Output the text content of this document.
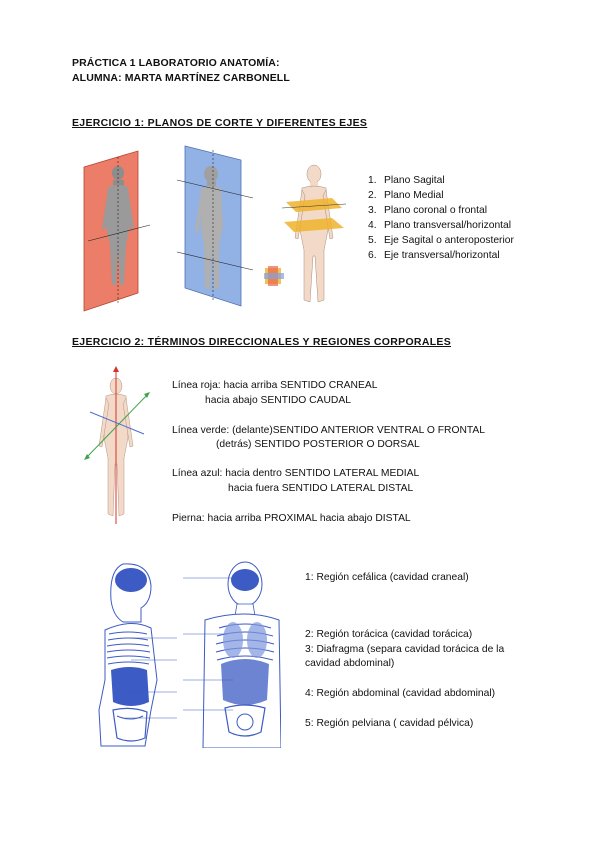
PRÁCTICA 1 LABORATORIO ANATOMÍA:
ALUMNA: MARTA MARTÍNEZ CARBONELL
EJERCICIO 1: PLANOS DE CORTE Y DIFERENTES EJES
1. Plano Sagital
2. Plano Medial
3. Plano coronal o frontal
4. Plano transversal/horizontal
5. Eje Sagital o anteroposterior
6. Eje transversal/horizontal
EJERCICIO 2: TÉRMINOS DIRECCIONALES Y REGIONES CORPORALES
Línea roja: hacia arriba SENTIDO CRANEAL
hacia abajo SENTIDO CAUDAL
Línea verde: (delante)SENTIDO ANTERIOR VENTRAL O FRONTAL
(detrás) SENTIDO POSTERIOR O DORSAL
Línea azul: hacia dentro SENTIDO LATERAL MEDIAL
hacia fuera SENTIDO LATERAL DISTAL
Pierna: hacia arriba PROXIMAL hacia abajo DISTAL
1: Región cefálica (cavidad craneal)
2: Región torácica (cavidad torácica)
3: Diafragma (separa cavidad torácica de la cavidad abdominal)
4: Región abdominal (cavidad abdominal)
5: Región pelviana ( cavidad pélvica)
